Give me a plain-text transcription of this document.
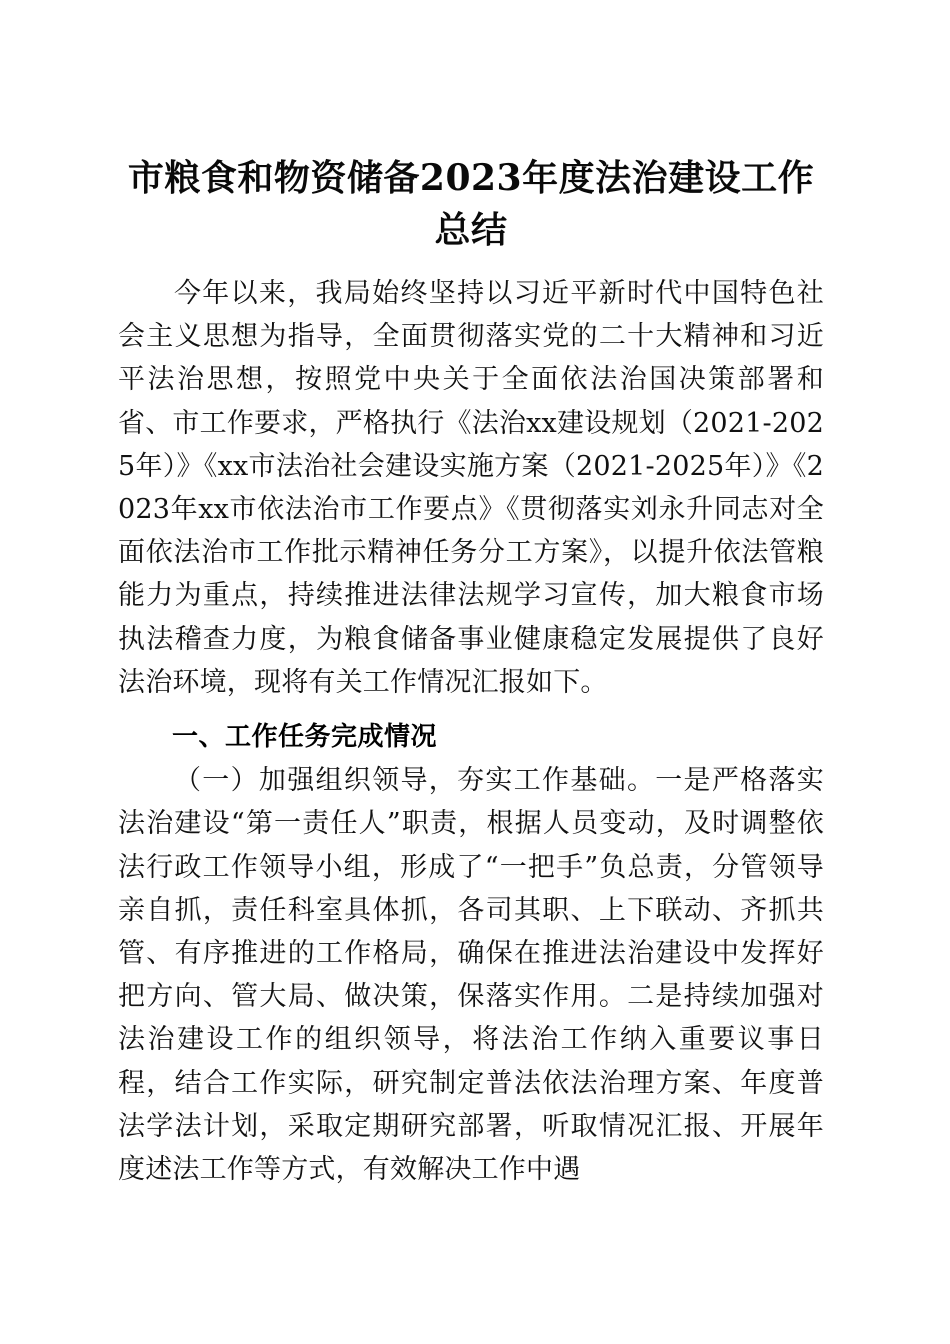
市粮食和物资储备2023年度法治建设工作总结

今年以来，我局始终坚持以习近平新时代中国特色社会主义思想为指导，全面贯彻落实党的二十大精神和习近平法治思想，按照党中央关于全面依法治国决策部署和省、市工作要求，严格执行《法治xx建设规划（2021-2025年）》《xx市法治社会建设实施方案（2021-2025年）》《2023年xx市依法治市工作要点》《贯彻落实刘永升同志对全面依法治市工作批示精神任务分工方案》，以提升依法管粮能力为重点，持续推进法律法规学习宣传，加大粮食市场执法稽查力度，为粮食储备事业健康稳定发展提供了良好法治环境，现将有关工作情况汇报如下。

一、工作任务完成情况

（一）加强组织领导，夯实工作基础。一是严格落实法治建设“第一责任人”职责，根据人员变动，及时调整依法行政工作领导小组，形成了“一把手”负总责，分管领导亲自抓，责任科室具体抓，各司其职、上下联动、齐抓共管、有序推进的工作格局，确保在推进法治建设中发挥好把方向、管大局、做决策，保落实作用。二是持续加强对法治建设工作的组织领导，将法治工作纳入重要议事日程，结合工作实际，研究制定普法依法治理方案、年度普法学法计划，采取定期研究部署，听取情况汇报、开展年度述法工作等方式，有效解决工作中遇
